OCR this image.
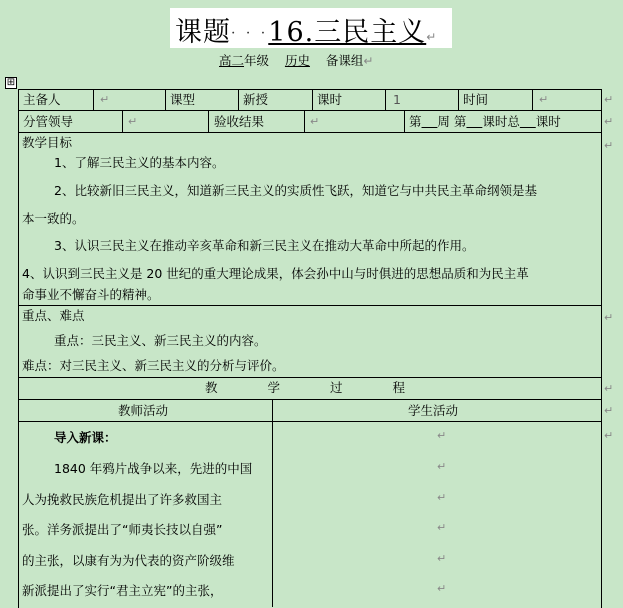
课题· · ·16.三民主义↵
高二年级 历史 备课组↵
⊞
主备人	↵	课型	新授	课时	1	时间	↵	↵
分管领导	↵	验收结果	↵	第 周 第 课时总 课时	↵
教学目标
1、了解三民主义的基本内容。
2、比较新旧三民主义，知道新三民主义的实质性飞跃，知道它与中共民主革命纲领是基
本一致的。
3、认识三民主义在推动辛亥革命和新三民主义在推动大革命中所起的作用。
4、认识到三民主义是 20 世纪的重大理论成果，体会孙中山与时俱进的思想品质和为民主革
命事业不懈奋斗的精神。
↵
重点、难点
重点：三民主义、新三民主义的内容。
难点：对三民主义、新三民主义的分析与评价。
↵
教	学	过	程	↵
教师活动	学生活动	↵
导入新课：
1840 年鸦片战争以来，先进的中国
人为挽救民族危机提出了许多救国主
张。洋务派提出了“师夷长技以自强”
的主张，以康有为为代表的资产阶级维
新派提出了实行“君主立宪”的主张，
↵
↵
↵
↵
↵
↵
↵
